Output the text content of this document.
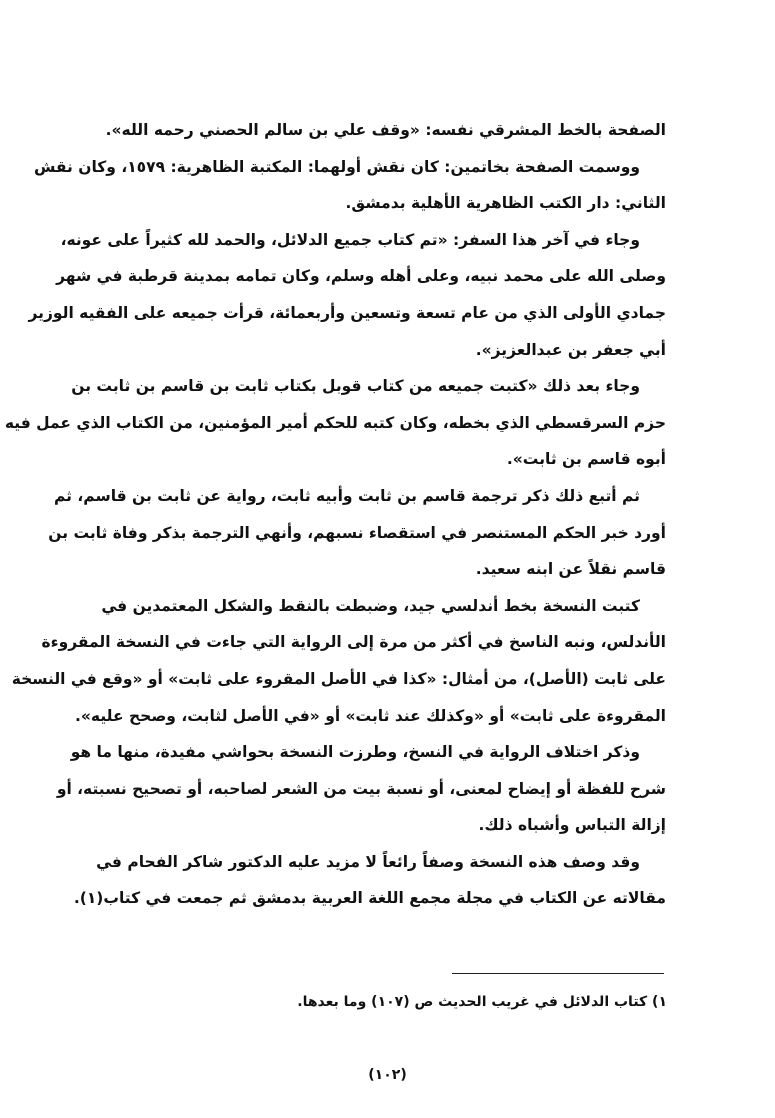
الصفحة بالخط المشرقي نفسه: «وقف علي بن سالم الحصني رحمه الله».
ووسمت الصفحة بخاتمين: كان نقش أولهما: المكتبة الظاهرية: ١٥٧٩، وكان نقش
الثاني: دار الكتب الظاهرية الأهلية بدمشق.
وجاء في آخر هذا السفر: «تم كتاب جميع الدلائل، والحمد لله كثيراً على عونه،
وصلى الله على محمد نبيه، وعلى أهله وسلم، وكان تمامه بمدينة قرطبة في شهر
جمادي الأولى الذي من عام تسعة وتسعين وأربعمائة، قرأت جميعه على الفقيه الوزير
أبي جعفر بن عبدالعزيز».
وجاء بعد ذلك «كتبت جميعه من كتاب قوبل بكتاب ثابت بن قاسم بن ثابت بن
حزم السرقسطي الذي بخطه، وكان كتبه للحكم أمير المؤمنين، من الكتاب الذي عمل فيه
أبوه قاسم بن ثابت».
ثم أتبع ذلك ذكر ترجمة قاسم بن ثابت وأبيه ثابت، رواية عن ثابت بن قاسم، ثم
أورد خبر الحكم المستنصر في استقصاء نسبهم، وأنهي الترجمة بذكر وفاة ثابت بن
قاسم نقلاً عن ابنه سعيد.
كتبت النسخة بخط أندلسي جيد، وضبطت بالنقط والشكل المعتمدين في
الأندلس، ونبه الناسخ في أكثر من مرة إلى الرواية التي جاءت في النسخة المقروءة
على ثابت (الأصل)، من أمثال: «كذا في الأصل المقروء على ثابت» أو «وقع في النسخة
المقروءة على ثابت» أو «وكذلك عند ثابت» أو «في الأصل لثابت، وصحح عليه».
وذكر اختلاف الرواية في النسخ، وطرزت النسخة بحواشي مفيدة، منها ما هو
شرح للفظة أو إيضاح لمعنى، أو نسبة بيت من الشعر لصاحبه، أو تصحيح نسبته، أو
إزالة التباس وأشباه ذلك.
وقد وصف هذه النسخة وصفاً رائعاً لا مزيد عليه الدكتور شاكر الفحام في
مقالاته عن الكتاب في مجلة مجمع اللغة العربية بدمشق ثم جمعت في كتاب(١).
١) كتاب الدلائل في غريب الحديث ص (١٠٧) وما بعدها.
(١٠٢)
